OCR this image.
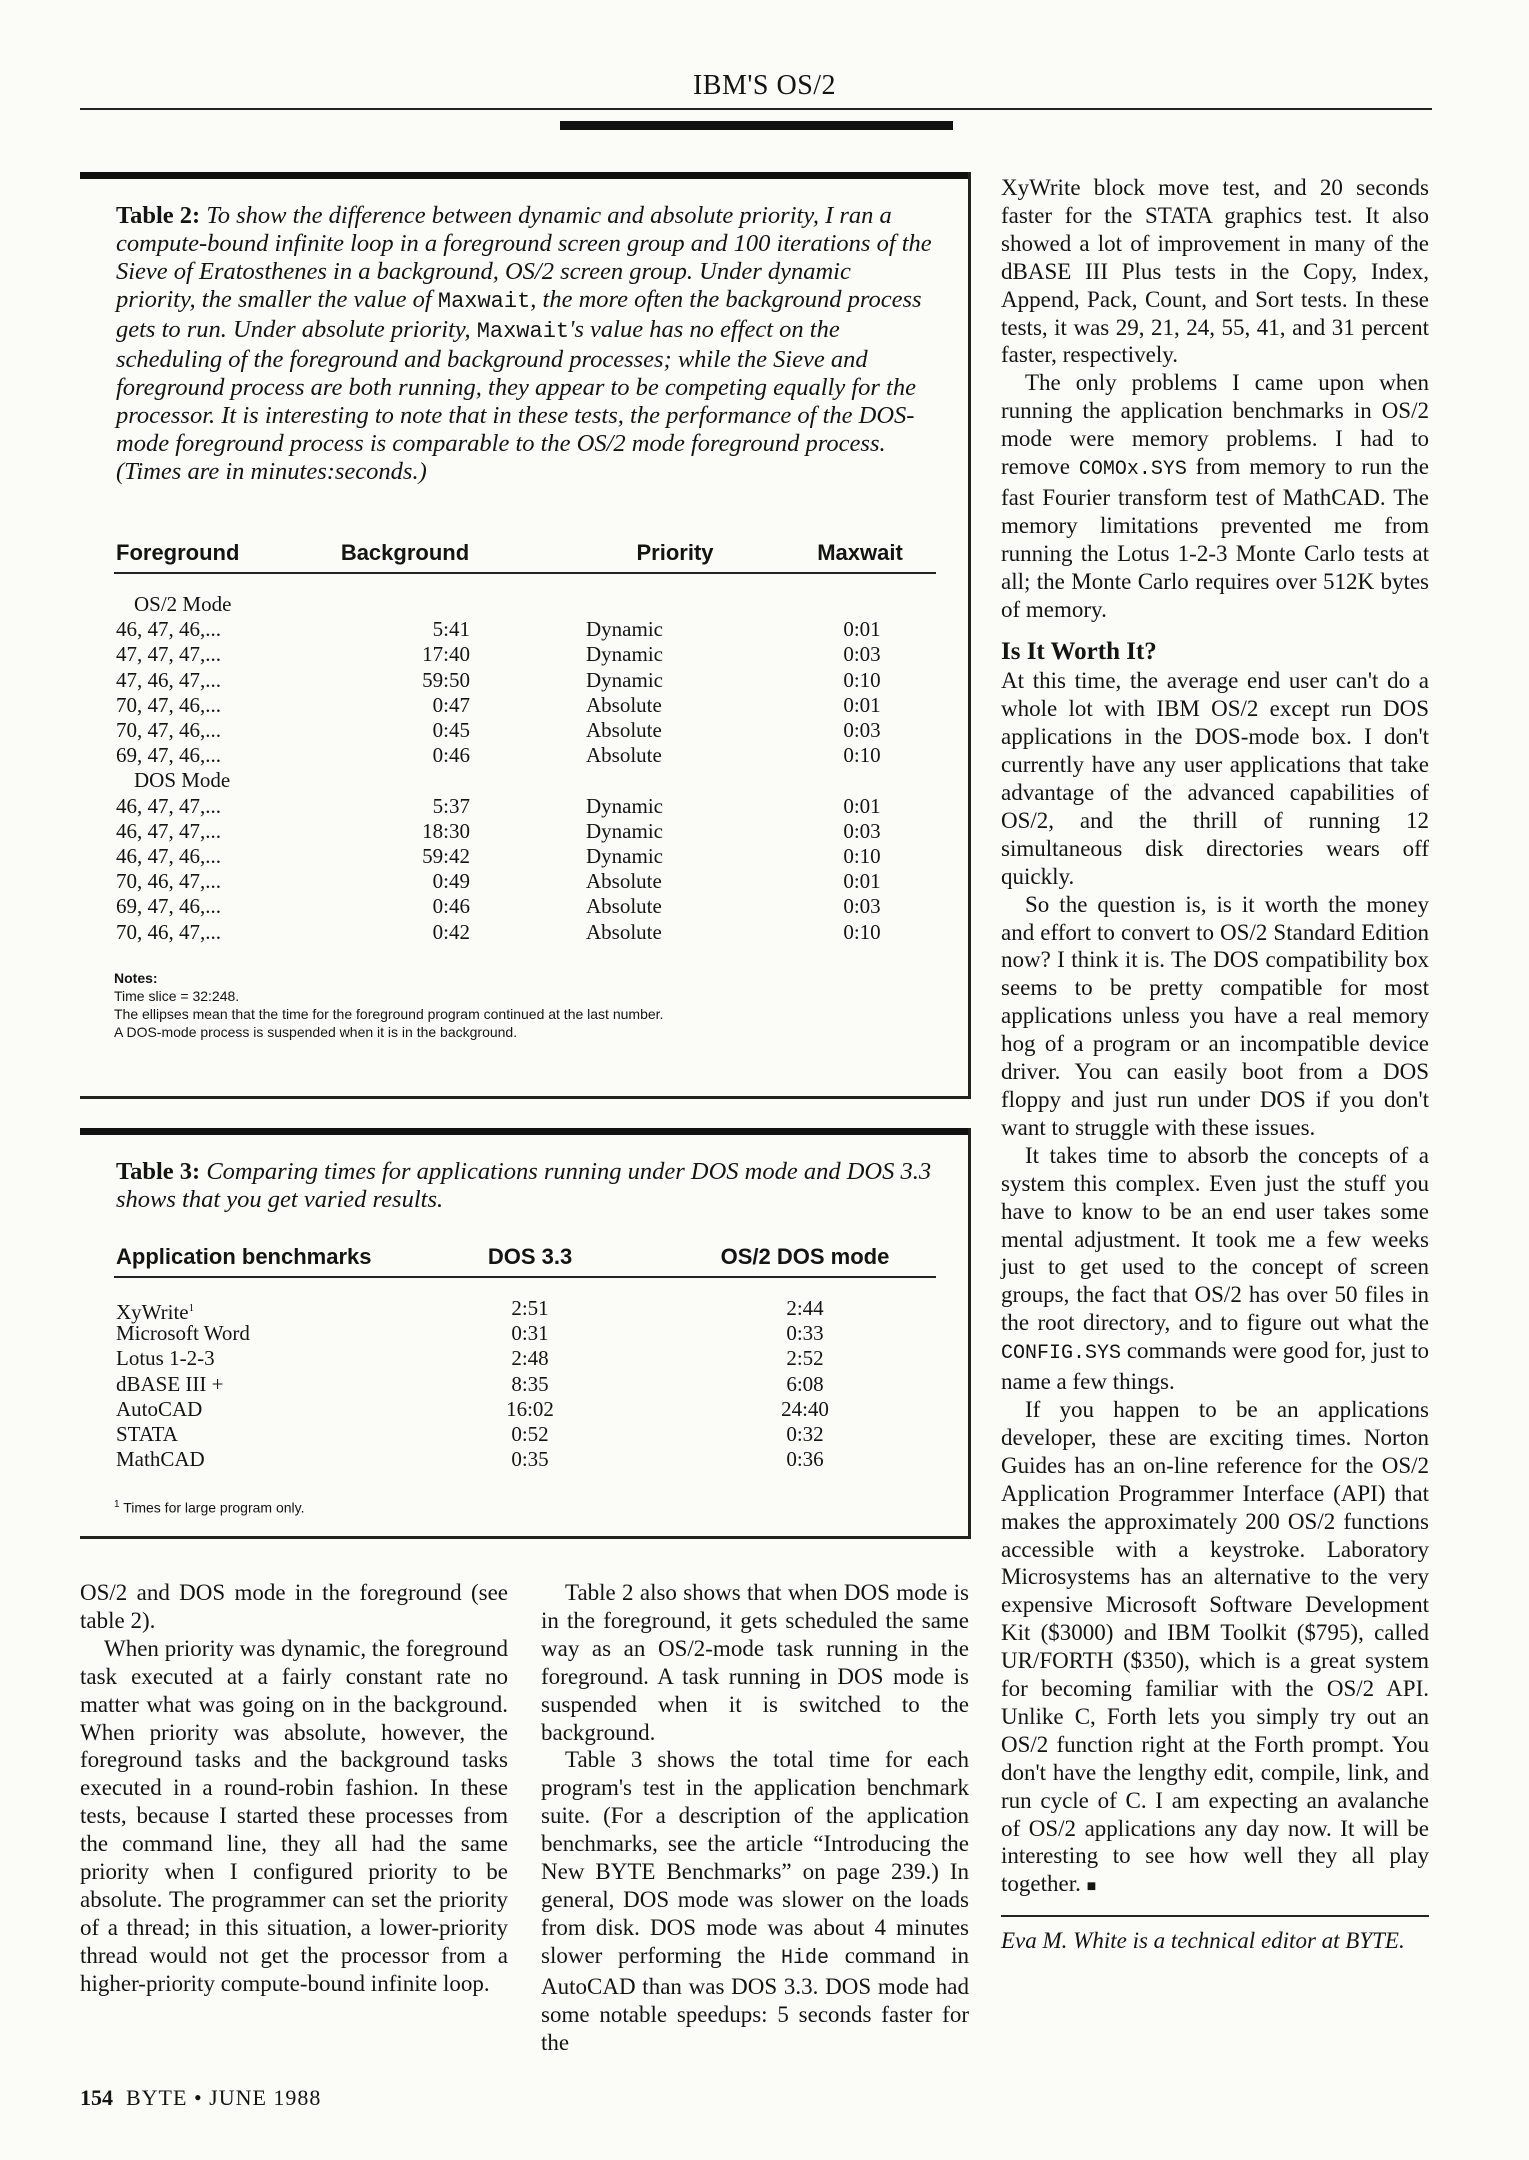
IBM'S OS/2
Table 2: To show the difference between dynamic and absolute priority, I ran a compute-bound infinite loop in a foreground screen group and 100 iterations of the Sieve of Eratosthenes in a background, OS/2 screen group. Under dynamic priority, the smaller the value of Maxwait, the more often the background process gets to run. Under absolute priority, Maxwait's value has no effect on the scheduling of the foreground and background processes; while the Sieve and foreground process are both running, they appear to be competing equally for the processor. It is interesting to note that in these tests, the performance of the DOS-mode foreground process is comparable to the OS/2 mode foreground process. (Times are in minutes:seconds.)
Notes:
Time slice = 32:248.
The ellipses mean that the time for the foreground program continued at the last number.
A DOS-mode process is suspended when it is in the background.
Foreground	Background	Priority	Maxwait
OS/2 Mode
46, 47, 46,...	5:41	Dynamic	0:01
47, 47, 47,...	17:40	Dynamic	0:03
47, 46, 47,...	59:50	Dynamic	0:10
70, 47, 46,...	0:47	Absolute	0:01
70, 47, 46,...	0:45	Absolute	0:03
69, 47, 46,...	0:46	Absolute	0:10
DOS Mode
46, 47, 47,...	5:37	Dynamic	0:01
46, 47, 47,...	18:30	Dynamic	0:03
46, 47, 46,...	59:42	Dynamic	0:10
70, 46, 47,...	0:49	Absolute	0:01
69, 47, 46,...	0:46	Absolute	0:03
70, 46, 47,...	0:42	Absolute	0:10
Table 3: Comparing times for applications running under DOS mode and DOS 3.3 shows that you get varied results.
$^1$ Times for large program only.
Application benchmarks	DOS 3.3	OS/2 DOS mode
XyWrite$^1$	2:51	2:44
Microsoft Word	0:31	0:33
Lotus 1-2-3	2:48	2:52
dBASE III +	8:35	6:08
AutoCAD	16:02	24:40
STATA	0:52	0:32
MathCAD	0:35	0:36

OS/2 and DOS mode in the foreground (see table 2).

When priority was dynamic, the foreground task executed at a fairly constant rate no matter what was going on in the background. When priority was absolute, however, the foreground tasks and the background tasks executed in a round-robin fashion. In these tests, because I started these processes from the command line, they all had the same priority when I configured priority to be absolute. The programmer can set the priority of a thread; in this situation, a lower-priority thread would not get the processor from a higher-priority compute-bound infinite loop.

Table 2 also shows that when DOS mode is in the foreground, it gets scheduled the same way as an OS/2-mode task running in the foreground. A task running in DOS mode is suspended when it is switched to the background.

Table 3 shows the total time for each program's test in the application benchmark suite. (For a description of the application benchmarks, see the article “Introducing the New BYTE Benchmarks” on page 239.) In general, DOS mode was slower on the loads from disk. DOS mode was about 4 minutes slower performing the Hide command in AutoCAD than was DOS 3.3. DOS mode had some notable speedups: 5 seconds faster for the

XyWrite block move test, and 20 seconds faster for the STATA graphics test. It also showed a lot of improvement in many of the dBASE III Plus tests in the Copy, Index, Append, Pack, Count, and Sort tests. In these tests, it was 29, 21, 24, 55, 41, and 31 percent faster, respectively.

The only problems I came upon when running the application benchmarks in OS/2 mode were memory problems. I had to remove COMOx.SYS from memory to run the fast Fourier transform test of MathCAD. The memory limitations prevented me from running the Lotus 1-2-3 Monte Carlo tests at all; the Monte Carlo requires over 512K bytes of memory.

Is It Worth It?

At this time, the average end user can't do a whole lot with IBM OS/2 except run DOS applications in the DOS-mode box. I don't currently have any user applications that take advantage of the advanced capabilities of OS/2, and the thrill of running 12 simultaneous disk directories wears off quickly.

So the question is, is it worth the money and effort to convert to OS/2 Standard Edition now? I think it is. The DOS compatibility box seems to be pretty compatible for most applications unless you have a real memory hog of a program or an incompatible device driver. You can easily boot from a DOS floppy and just run under DOS if you don't want to struggle with these issues.

It takes time to absorb the concepts of a system this complex. Even just the stuff you have to know to be an end user takes some mental adjustment. It took me a few weeks just to get used to the concept of screen groups, the fact that OS/2 has over 50 files in the root directory, and to figure out what the CONFIG.SYS commands were good for, just to name a few things.

If you happen to be an applications developer, these are exciting times. Norton Guides has an on-line reference for the OS/2 Application Programmer Interface (API) that makes the approximately 200 OS/2 functions accessible with a keystroke. Laboratory Microsystems has an alternative to the very expensive Microsoft Software Development Kit ($3000) and IBM Toolkit ($795), called UR/FORTH ($350), which is a great system for becoming familiar with the OS/2 API. Unlike C, Forth lets you simply try out an OS/2 function right at the Forth prompt. You don't have the lengthy edit, compile, link, and run cycle of C. I am expecting an avalanche of OS/2 applications any day now. It will be interesting to see how well they all play together. ■

Eva M. White is a technical editor at BYTE.

154 BYTE • JUNE 1988
